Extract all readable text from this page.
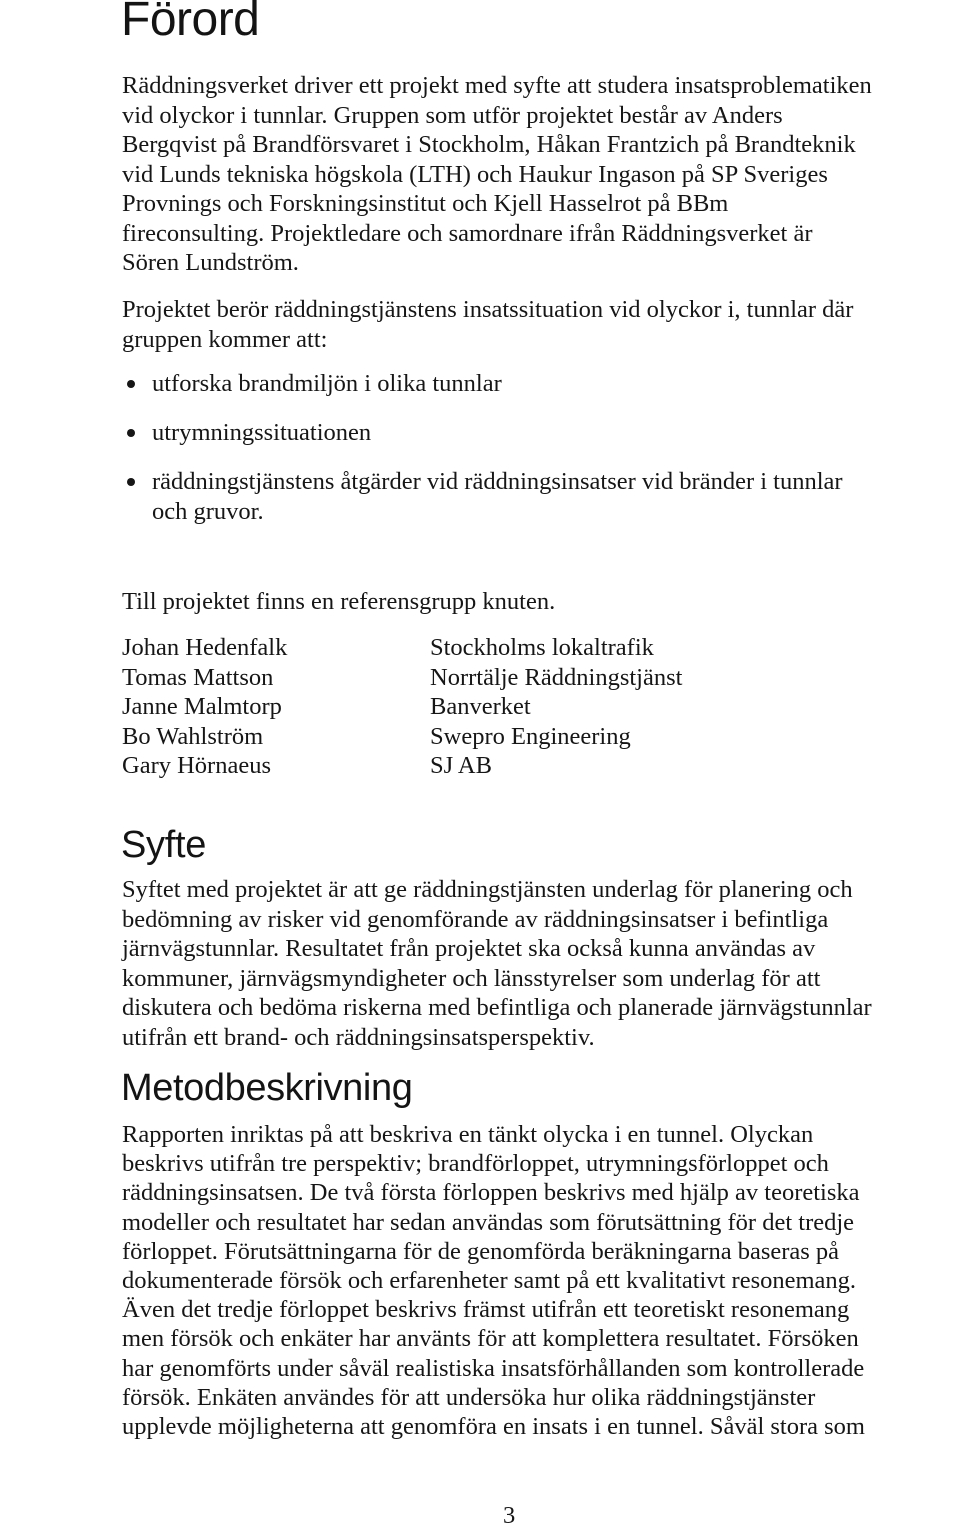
Förord
Räddningsverket driver ett projekt med syfte att studera insatsproblematiken
vid olyckor i tunnlar. Gruppen som utför projektet består av Anders
Bergqvist på Brandförsvaret i Stockholm, Håkan Frantzich på Brandteknik
vid Lunds tekniska högskola (LTH) och Haukur Ingason på SP Sveriges
Provnings och Forskningsinstitut och Kjell Hasselrot på BBm
fireconsulting. Projektledare och samordnare ifrån Räddningsverket är
Sören Lundström.
Projektet berör räddningstjänstens insatssituation vid olyckor i, tunnlar där
gruppen kommer att:
utforska brandmiljön i olika tunnlar
utrymningssituationen
räddningstjänstens åtgärder vid räddningsinsatser vid bränder i tunnlar
och gruvor.
Till projektet finns en referensgrupp knuten.
Johan Hedenfalk	Stockholms lokaltrafik
Tomas Mattson	Norrtälje Räddningstjänst
Janne Malmtorp	Banverket
Bo Wahlström	Swepro Engineering
Gary Hörnaeus	SJ AB
Syfte
Syftet med projektet är att ge räddningstjänsten underlag för planering och
bedömning av risker vid genomförande av räddningsinsatser i befintliga
järnvägstunnlar. Resultatet från projektet ska också kunna användas av
kommuner, järnvägsmyndigheter och länsstyrelser som underlag för att
diskutera och bedöma riskerna med befintliga och planerade järnvägstunnlar
utifrån ett brand- och räddningsinsatsperspektiv.
Metodbeskrivning
Rapporten inriktas på att beskriva en tänkt olycka i en tunnel. Olyckan
beskrivs utifrån tre perspektiv; brandförloppet, utrymningsförloppet och
räddningsinsatsen. De två första förloppen beskrivs med hjälp av teoretiska
modeller och resultatet har sedan användas som förutsättning för det tredje
förloppet. Förutsättningarna för de genomförda beräkningarna baseras på
dokumenterade försök och erfarenheter samt på ett kvalitativt resonemang.
Även det tredje förloppet beskrivs främst utifrån ett teoretiskt resonemang
men försök och enkäter har använts för att komplettera resultatet. Försöken
har genomförts under såväl realistiska insatsförhållanden som kontrollerade
försök. Enkäten användes för att undersöka hur olika räddningstjänster
upplevde möjligheterna att genomföra en insats i en tunnel. Såväl stora som
3
